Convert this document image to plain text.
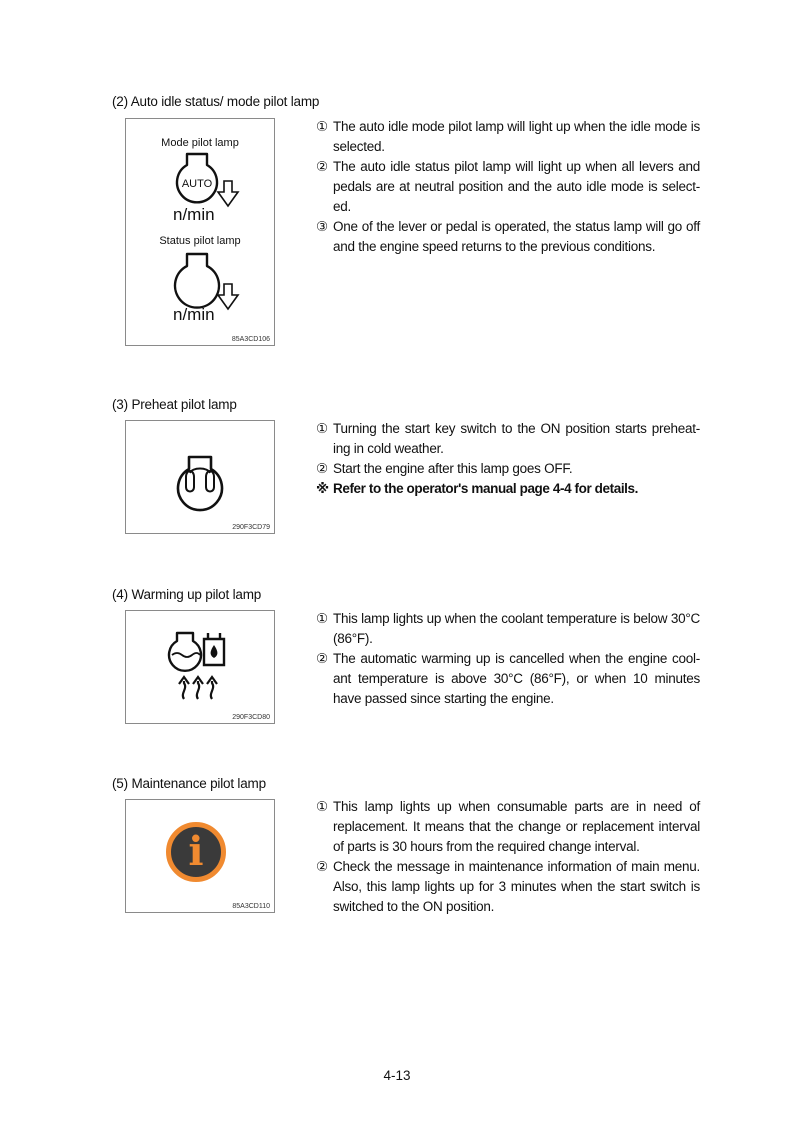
(2) Auto idle status/ mode pilot lamp
Mode pilot lamp
AUTO
n/min
Status pilot lamp
n/min
85A3CD106
① The auto idle mode pilot lamp will light up when the idle mode is selected.
② The auto idle status pilot lamp will light up when all levers and pedals are at neutral position and the auto idle mode is select-ed.
③ One of the lever or pedal is operated, the status lamp will go off and the engine speed returns to the previous conditions.
(3) Preheat pilot lamp
290F3CD79
① Turning the start key switch to the ON position starts preheat-ing in cold weather.
② Start the engine after this lamp goes OFF.
※ Refer to the operator's manual page 4-4 for details.
(4) Warming up pilot lamp
290F3CD80
① This lamp lights up when the coolant temperature is below 30°C (86°F).
② The automatic warming up is cancelled when the engine cool-ant temperature is above 30°C (86°F), or when 10 minutes have passed since starting the engine.
(5) Maintenance pilot lamp
i
85A3CD110
① This lamp lights up when consumable parts are in need of replacement. It means that the change or replacement interval of parts is 30 hours from the required change interval.
② Check the message in maintenance information of main menu. Also, this lamp lights up for 3 minutes when the start switch is switched to the ON position.
4-13
